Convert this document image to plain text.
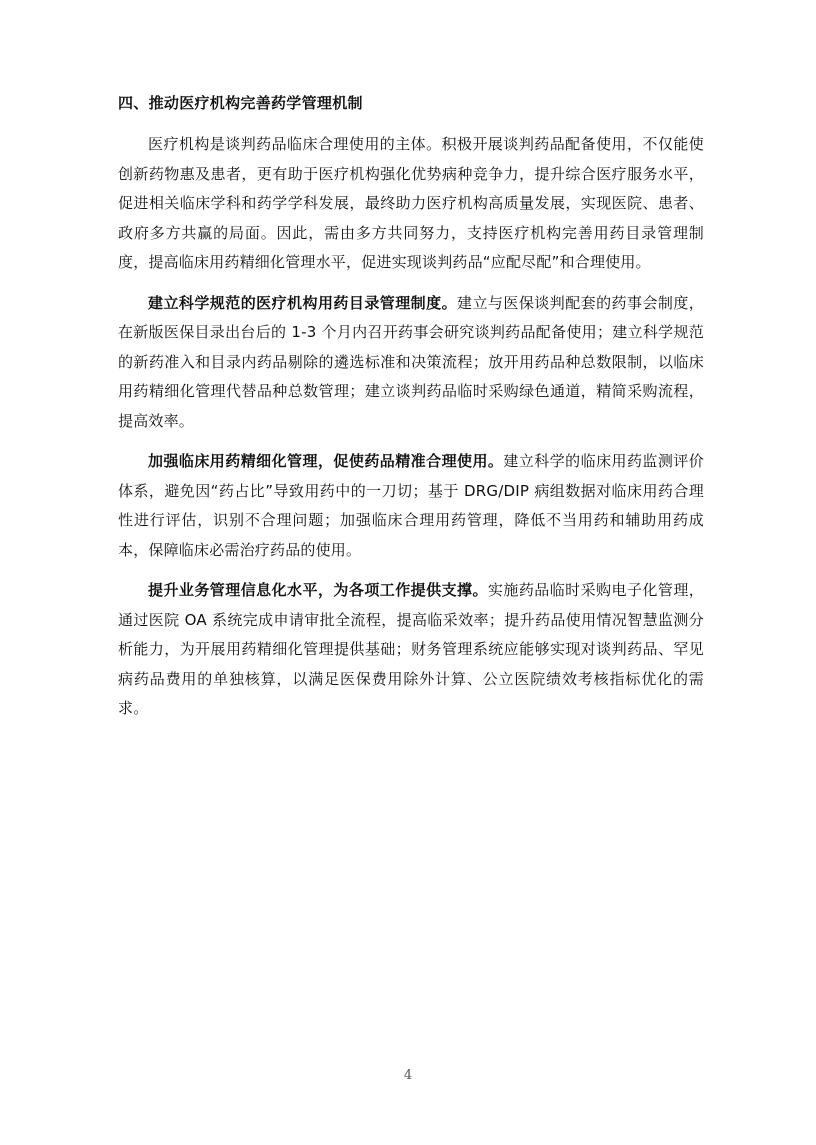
四、推动医疗机构完善药学管理机制

医疗机构是谈判药品临床合理使用的主体。积极开展谈判药品配备使用，不仅能使创新药物惠及患者，更有助于医疗机构强化优势病种竞争力，提升综合医疗服务水平，促进相关临床学科和药学学科发展，最终助力医疗机构高质量发展，实现医院、患者、政府多方共赢的局面。因此，需由多方共同努力，支持医疗机构完善用药目录管理制度，提高临床用药精细化管理水平，促进实现谈判药品“应配尽配”和合理使用。

建立科学规范的医疗机构用药目录管理制度。建立与医保谈判配套的药事会制度，在新版医保目录出台后的 1-3 个月内召开药事会研究谈判药品配备使用；建立科学规范的新药准入和目录内药品剔除的遴选标准和决策流程；放开用药品种总数限制，以临床用药精细化管理代替品种总数管理；建立谈判药品临时采购绿色通道，精简采购流程，提高效率。

加强临床用药精细化管理，促使药品精准合理使用。建立科学的临床用药监测评价体系，避免因“药占比”导致用药中的一刀切；基于 DRG/DIP 病组数据对临床用药合理性进行评估，识别不合理问题；加强临床合理用药管理，降低不当用药和辅助用药成本，保障临床必需治疗药品的使用。

提升业务管理信息化水平，为各项工作提供支撑。实施药品临时采购电子化管理，通过医院 OA 系统完成申请审批全流程，提高临采效率；提升药品使用情况智慧监测分析能力，为开展用药精细化管理提供基础；财务管理系统应能够实现对谈判药品、罕见病药品费用的单独核算，以满足医保费用除外计算、公立医院绩效考核指标优化的需求。

4
